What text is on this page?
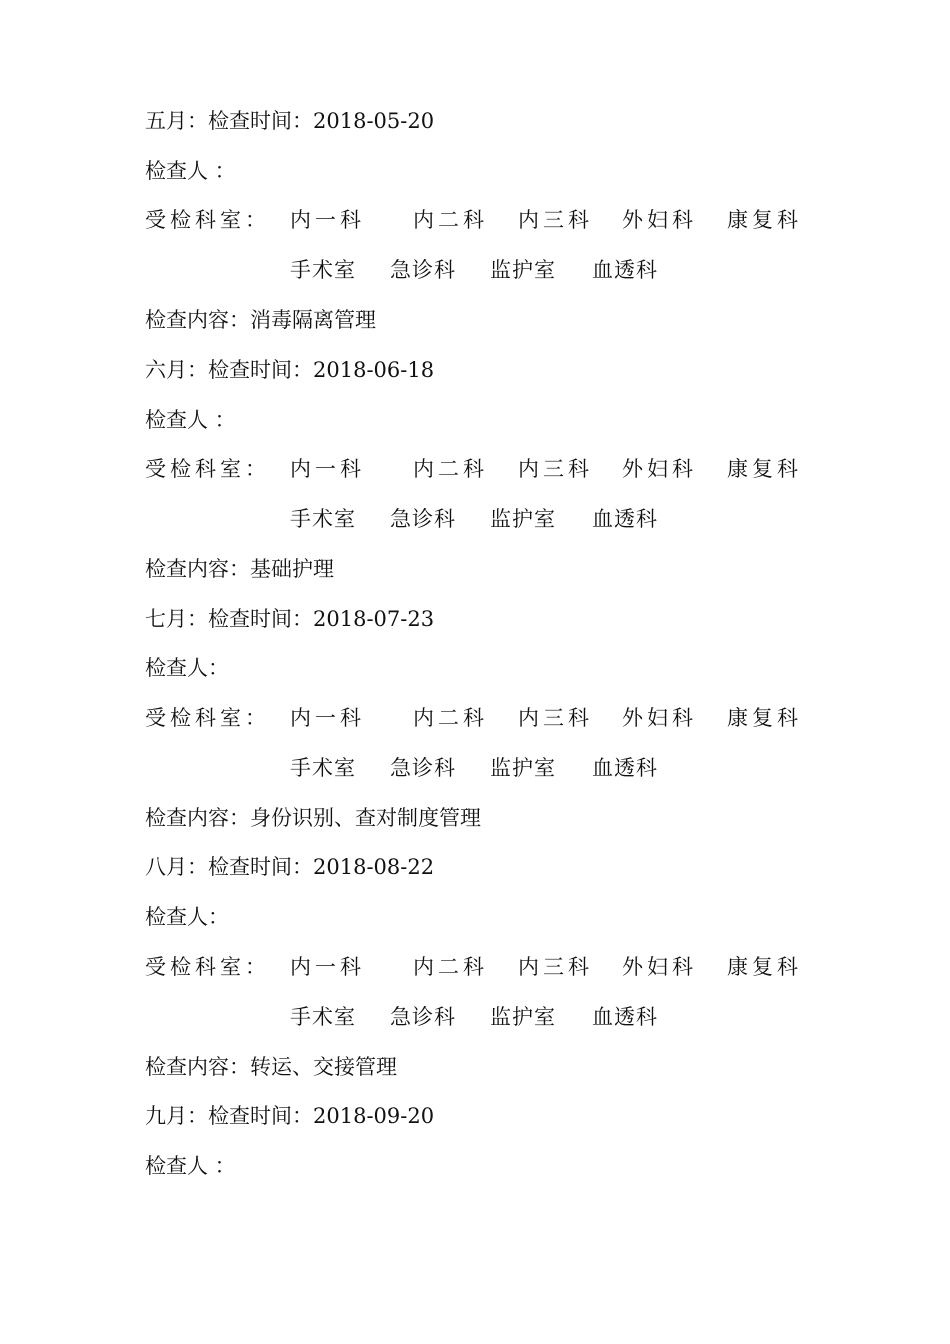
五月：检查时间：2018-05-20
检查人 ：
受检科室： 内一科 内二科 内三科 外妇科 康复科
手术室 急诊科 监护室 血透科
检查内容：消毒隔离管理
六月：检查时间：2018-06-18
检查人 ：
受检科室： 内一科 内二科 内三科 外妇科 康复科
手术室 急诊科 监护室 血透科
检查内容：基础护理
七月：检查时间：2018-07-23
检查人：
受检科室： 内一科 内二科 内三科 外妇科 康复科
手术室 急诊科 监护室 血透科
检查内容：身份识别、查对制度管理
八月：检查时间：2018-08-22
检查人：
受检科室： 内一科 内二科 内三科 外妇科 康复科
手术室 急诊科 监护室 血透科
检查内容：转运、交接管理
九月：检查时间：2018-09-20
检查人 ：
